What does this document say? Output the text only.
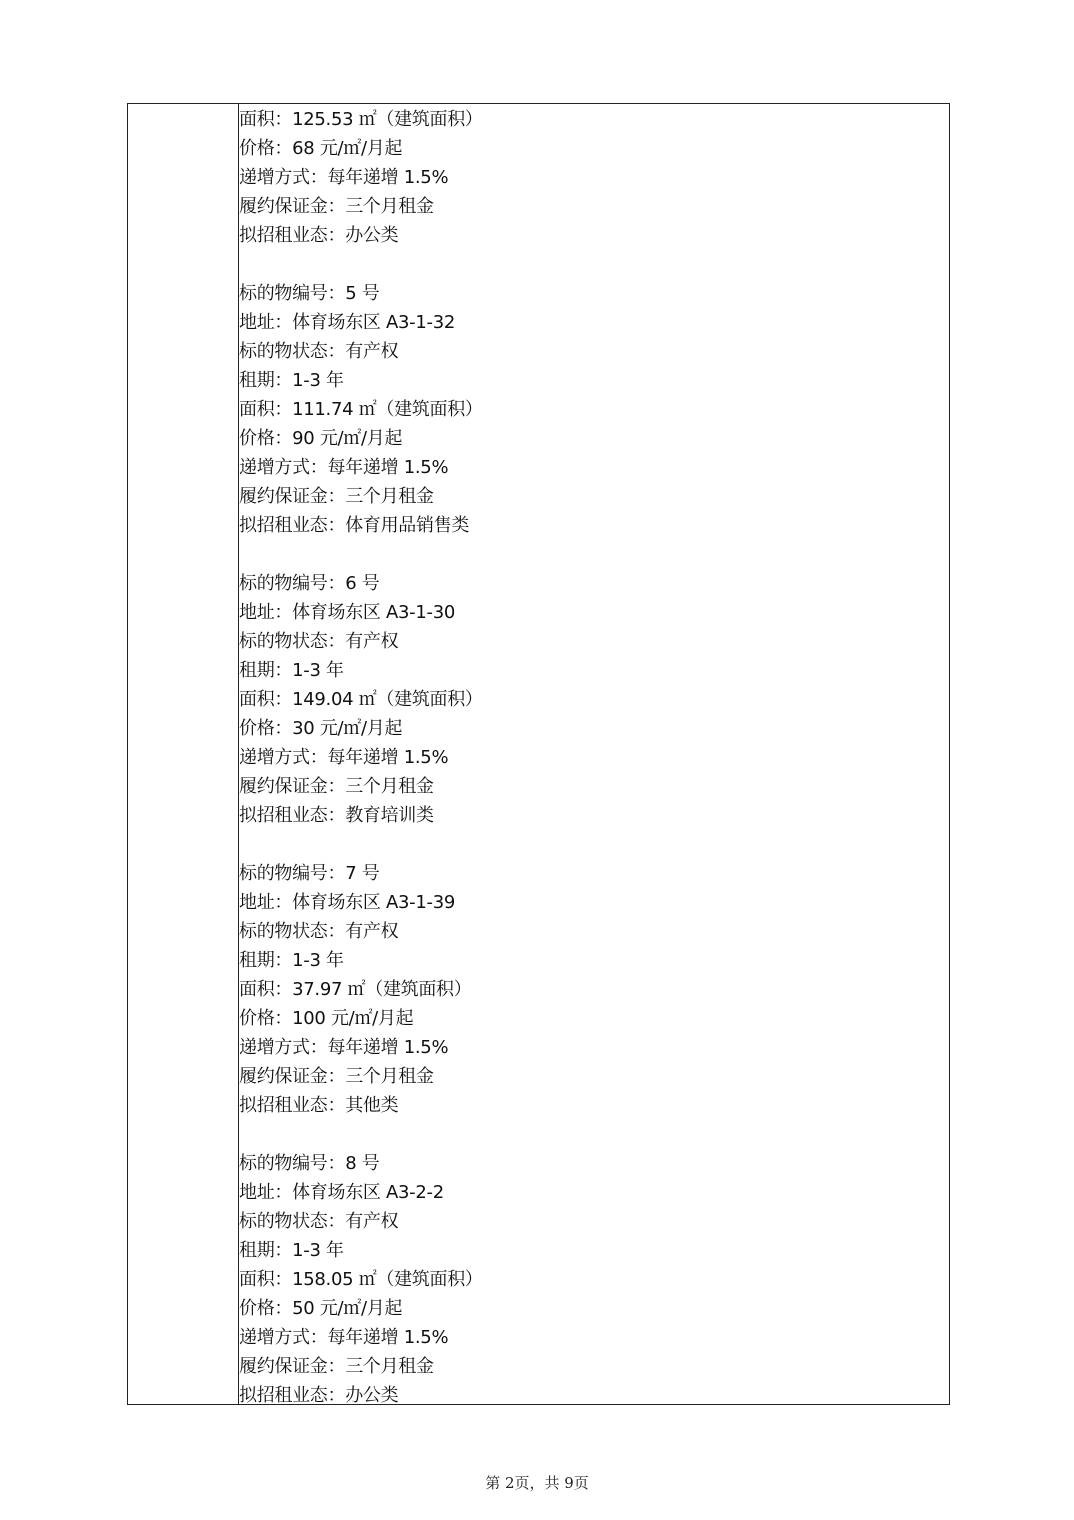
面积：125.53 ㎡（建筑面积）
价格：68 元/㎡/月起
递增方式：每年递增 1.5%
履约保证金：三个月租金
拟招租业态：办公类
标的物编号：5 号
地址：体育场东区 A3-1-32
标的物状态：有产权
租期：1-3 年
面积：111.74 ㎡（建筑面积）
价格：90 元/㎡/月起
递增方式：每年递增 1.5%
履约保证金：三个月租金
拟招租业态：体育用品销售类
标的物编号：6 号
地址：体育场东区 A3-1-30
标的物状态：有产权
租期：1-3 年
面积：149.04 ㎡（建筑面积）
价格：30 元/㎡/月起
递增方式：每年递增 1.5%
履约保证金：三个月租金
拟招租业态：教育培训类
标的物编号：7 号
地址：体育场东区 A3-1-39
标的物状态：有产权
租期：1-3 年
面积：37.97 ㎡（建筑面积）
价格：100 元/㎡/月起
递增方式：每年递增 1.5%
履约保证金：三个月租金
拟招租业态：其他类
标的物编号：8 号
地址：体育场东区 A3-2-2
标的物状态：有产权
租期：1-3 年
面积：158.05 ㎡（建筑面积）
价格：50 元/㎡/月起
递增方式：每年递增 1.5%
履约保证金：三个月租金
拟招租业态：办公类
第 2页，共 9页
